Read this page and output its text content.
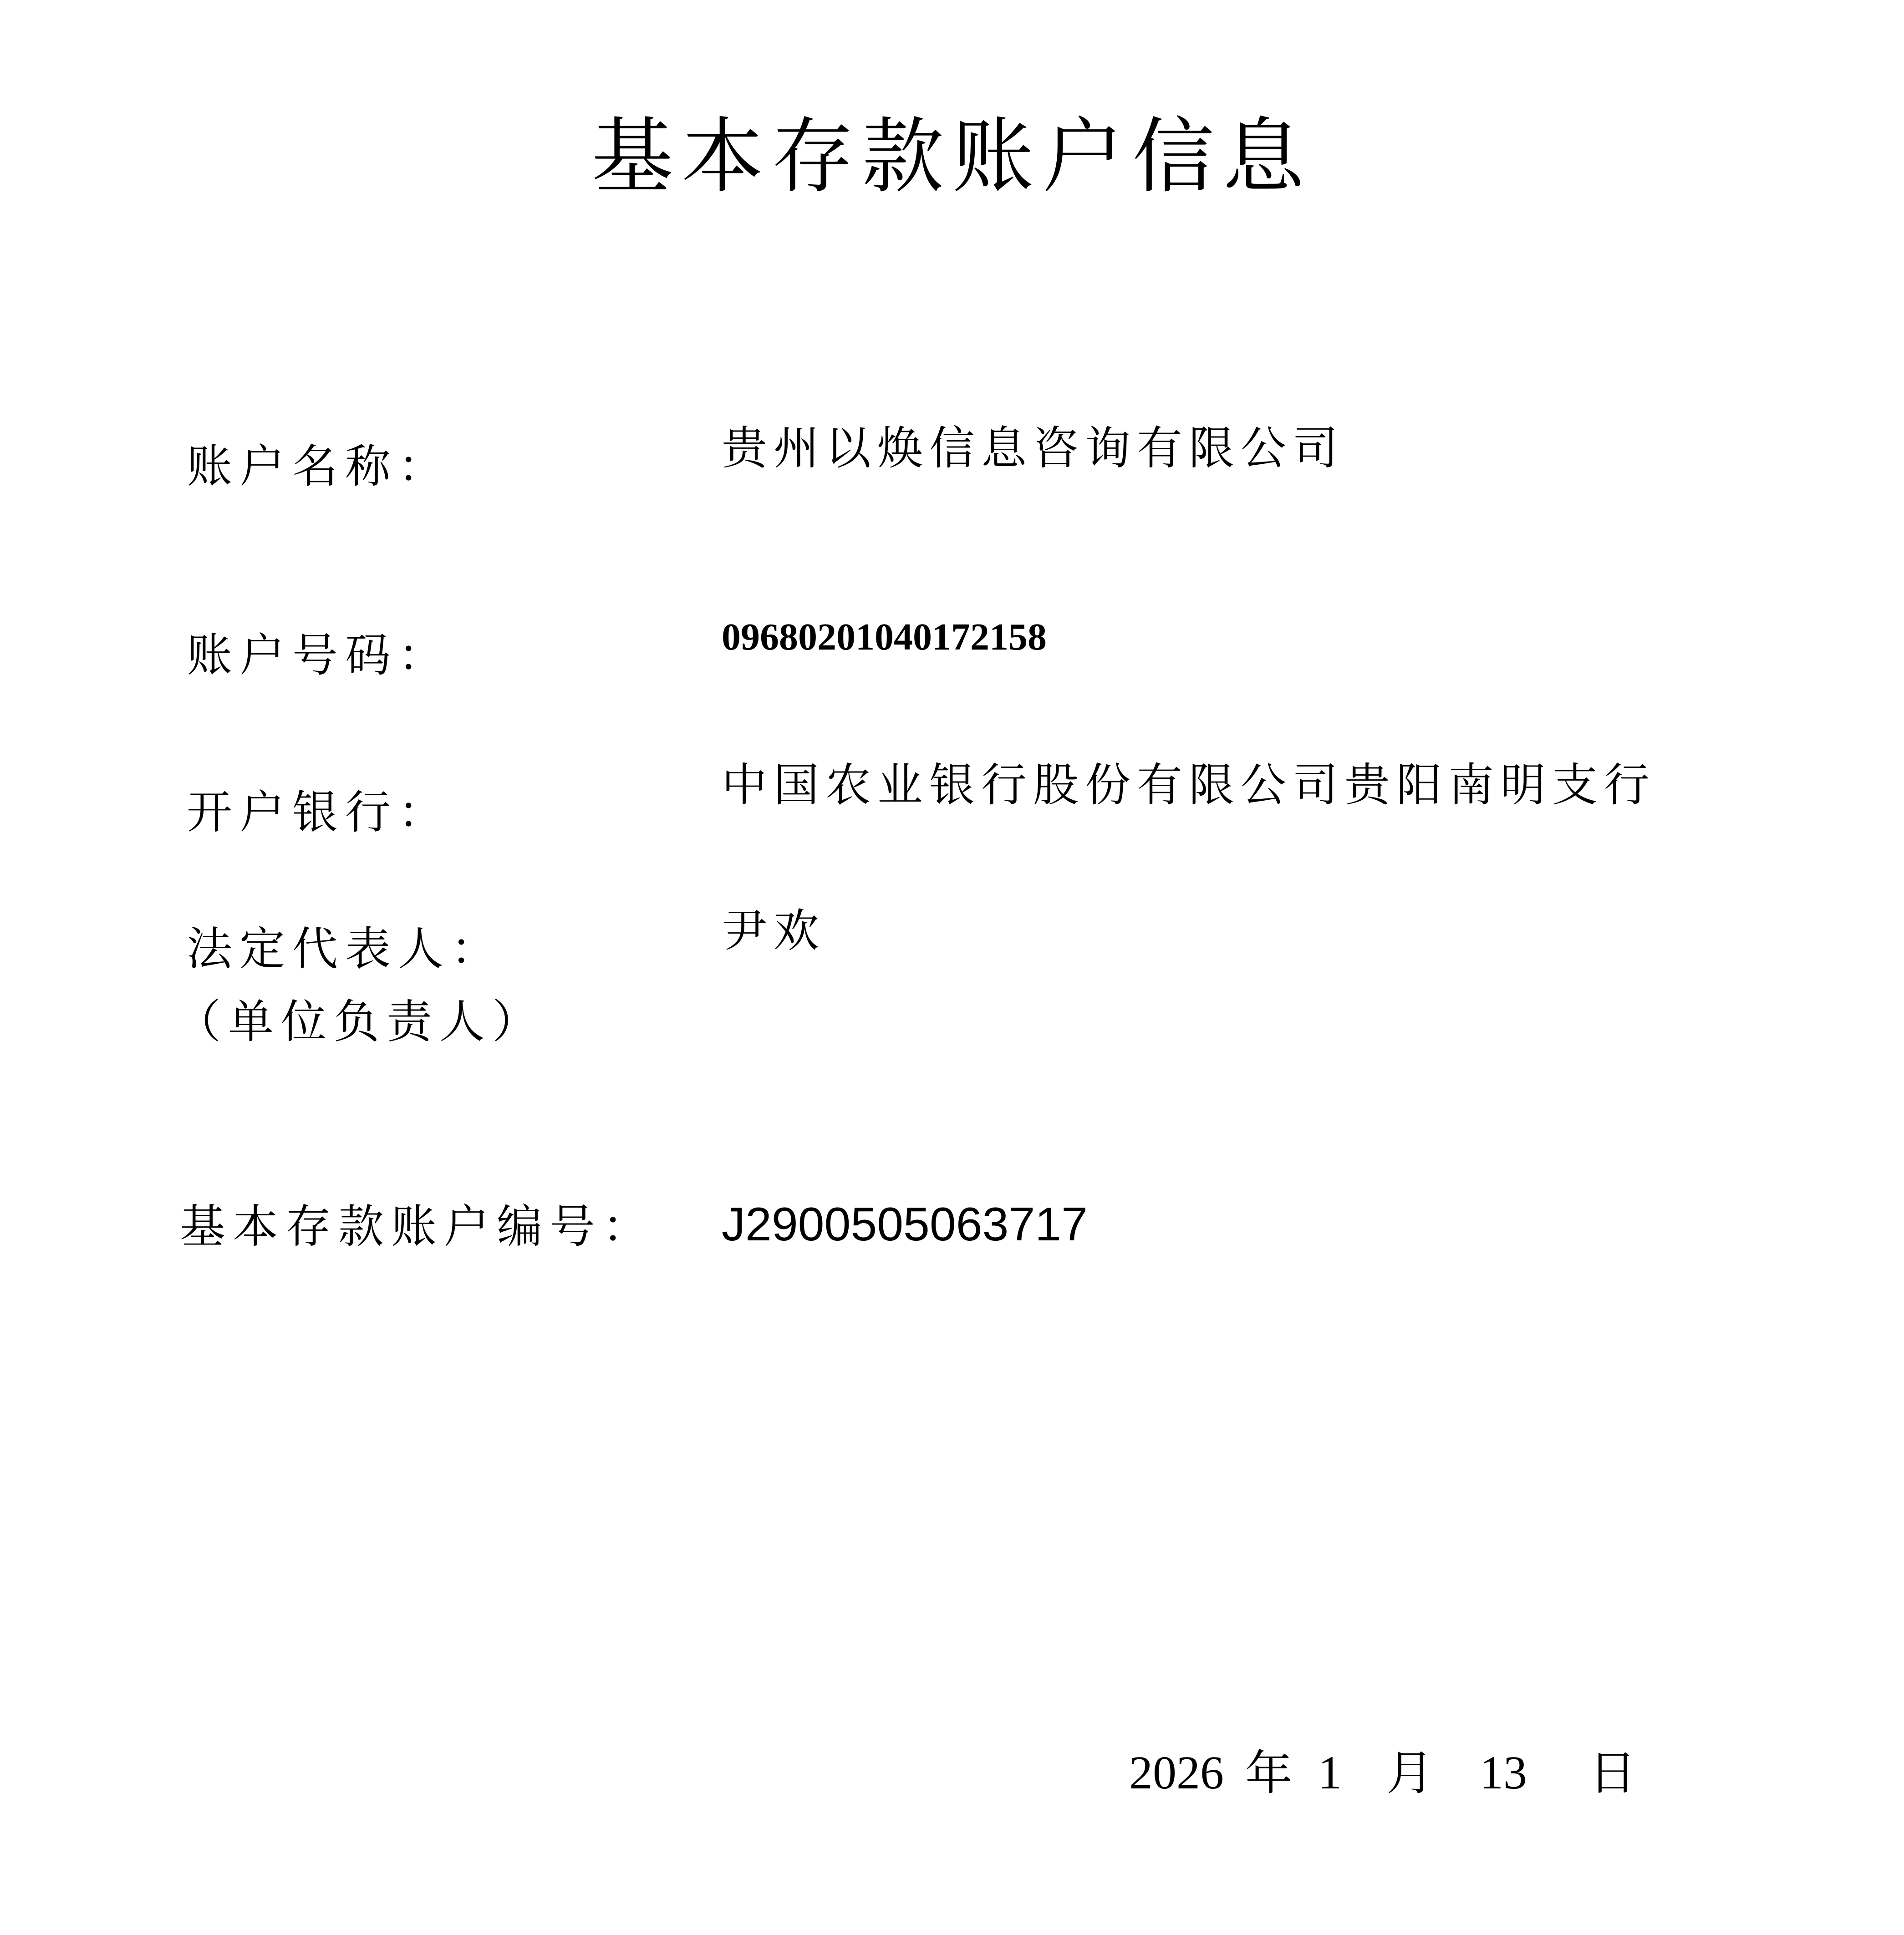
基本存款账户信息
账户名称：	贵州以焕信息咨询有限公司
账户号码：	09680201040172158
开户银行：
中国农业银行股份有限公司贵阳南明支行
法定代表人：
（单位负责人）
尹欢
基本存款账户编号： J2900505063717
2026 年 1 月 13 日
